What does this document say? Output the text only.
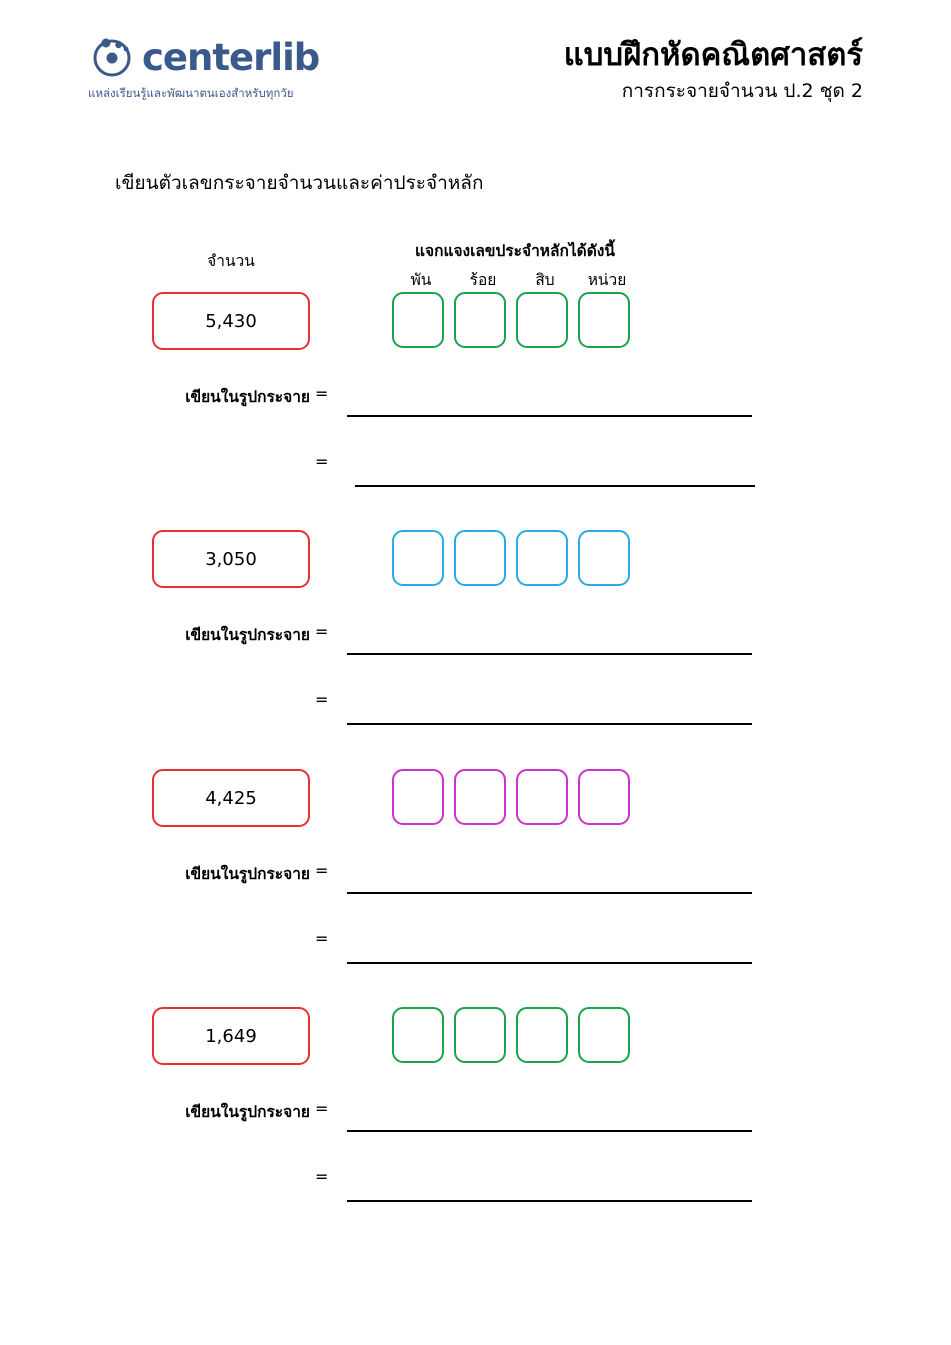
centerlib
แหล่งเรียนรู้และพัฒนาตนเองสำหรับทุกวัย
แบบฝึกหัดคณิตศาสตร์
การกระจายจำนวน ป.2 ชุด 2
เขียนตัวเลขกระจายจำนวนและค่าประจำหลัก
จำนวน
แจกแจงเลขประจำหลักได้ดังนี้
พัน	ร้อย	สิบ	หน่วย
5,430
เขียนในรูปกระจาย =
=
3,050
เขียนในรูปกระจาย =
=
4,425
เขียนในรูปกระจาย =
=
1,649
เขียนในรูปกระจาย =
=
